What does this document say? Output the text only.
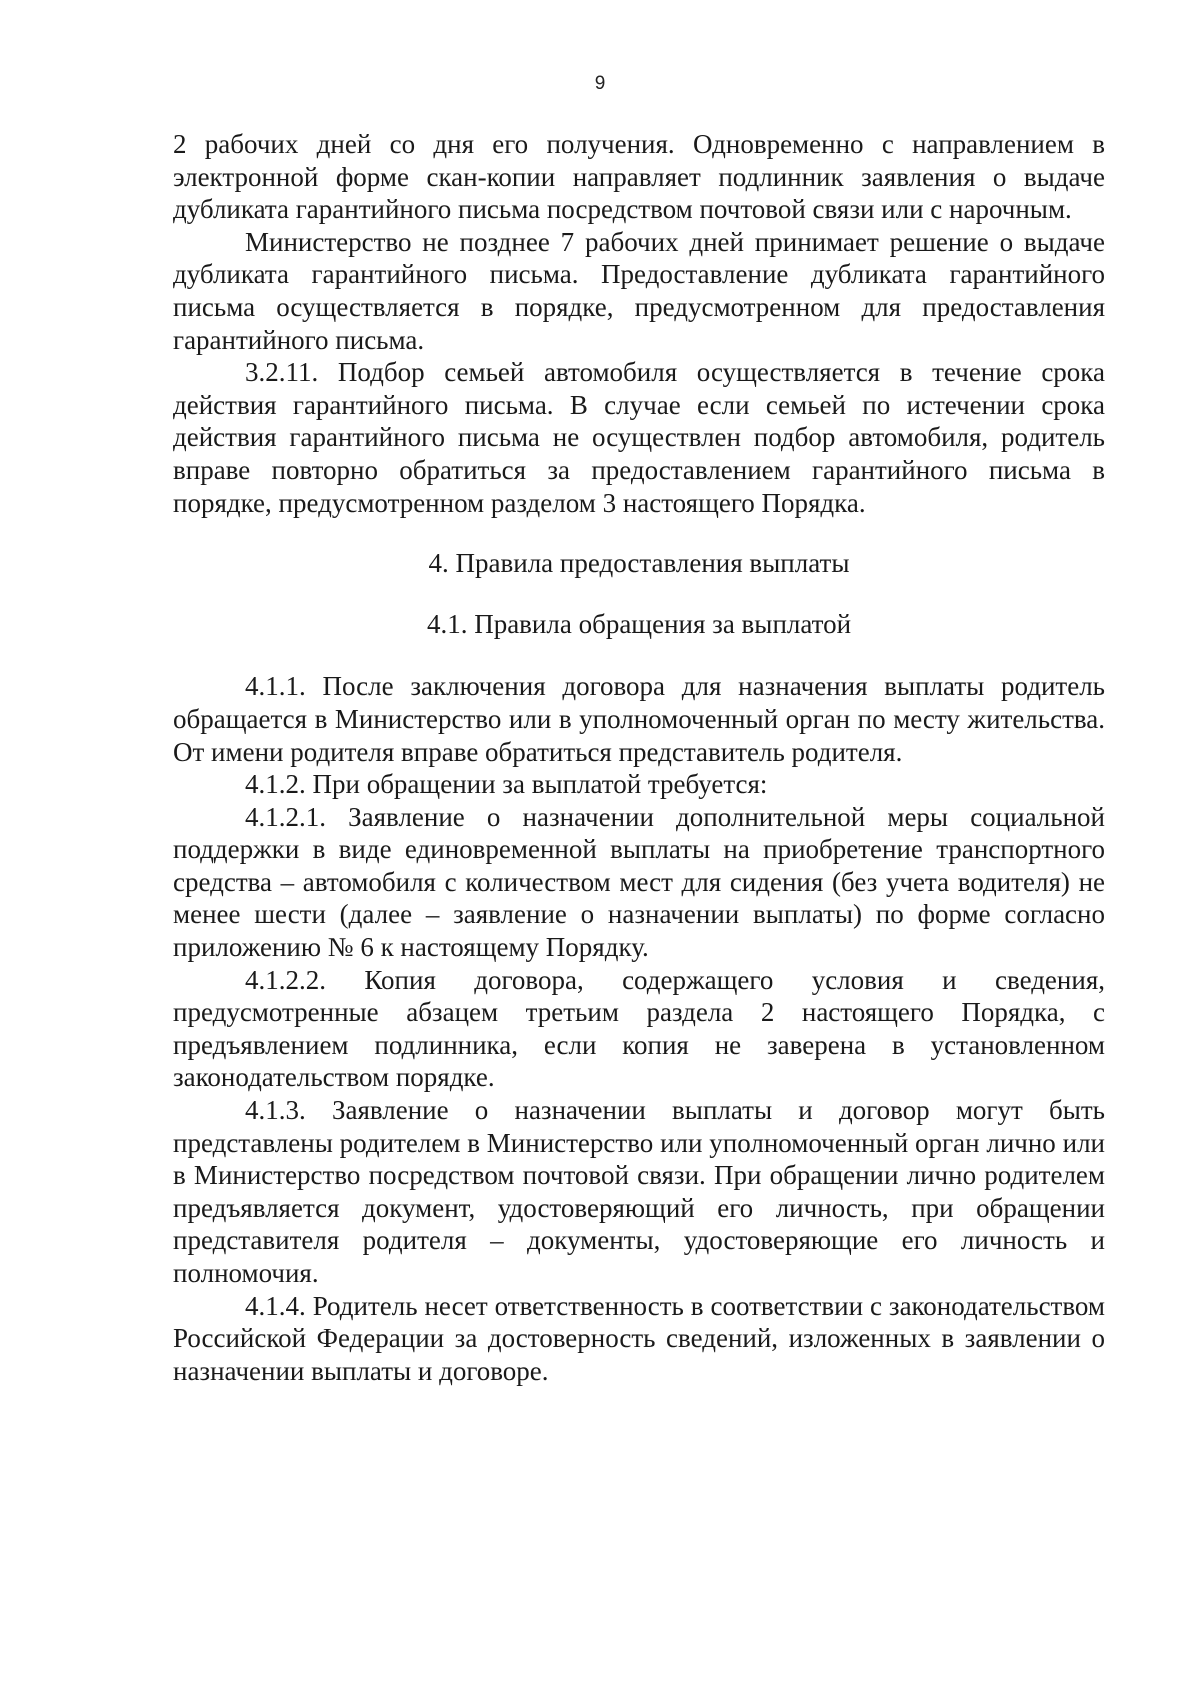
9

2 рабочих дней со дня его получения. Одновременно с направлением в электронной форме скан-копии направляет подлинник заявления о выдаче дубликата гарантийного письма посредством почтовой связи или с нарочным.

Министерство не позднее 7 рабочих дней принимает решение о выдаче дубликата гарантийного письма. Предоставление дубликата гарантийного письма осуществляется в порядке, предусмотренном для предоставления гарантийного письма.

3.2.11. Подбор семьей автомобиля осуществляется в течение срока действия гарантийного письма. В случае если семьей по истечении срока действия гарантийного письма не осуществлен подбор автомобиля, родитель вправе повторно обратиться за предоставлением гарантийного письма в порядке, предусмотренном разделом 3 настоящего Порядка.

4. Правила предоставления выплаты
4.1. Правила обращения за выплатой

4.1.1. После заключения договора для назначения выплаты родитель обращается в Министерство или в уполномоченный орган по месту жительства. От имени родителя вправе обратиться представитель родителя.

4.1.2. При обращении за выплатой требуется:

4.1.2.1. Заявление о назначении дополнительной меры социальной поддержки в виде единовременной выплаты на приобретение транспортного средства – автомобиля с количеством мест для сидения (без учета водителя) не менее шести (далее – заявление о назначении выплаты) по форме согласно приложению № 6 к настоящему Порядку.

4.1.2.2. Копия договора, содержащего условия и сведения, предусмотренные абзацем третьим раздела 2 настоящего Порядка, с предъявлением подлинника, если копия не заверена в установленном законодательством порядке.

4.1.3. Заявление о назначении выплаты и договор могут быть представлены родителем в Министерство или уполномоченный орган лично или в Министерство посредством почтовой связи. При обращении лично родителем предъявляется документ, удостоверяющий его личность, при обращении представителя родителя – документы, удостоверяющие его личность и полномочия.

4.1.4. Родитель несет ответственность в соответствии с законодательством Российской Федерации за достоверность сведений, изложенных в заявлении о назначении выплаты и договоре.
